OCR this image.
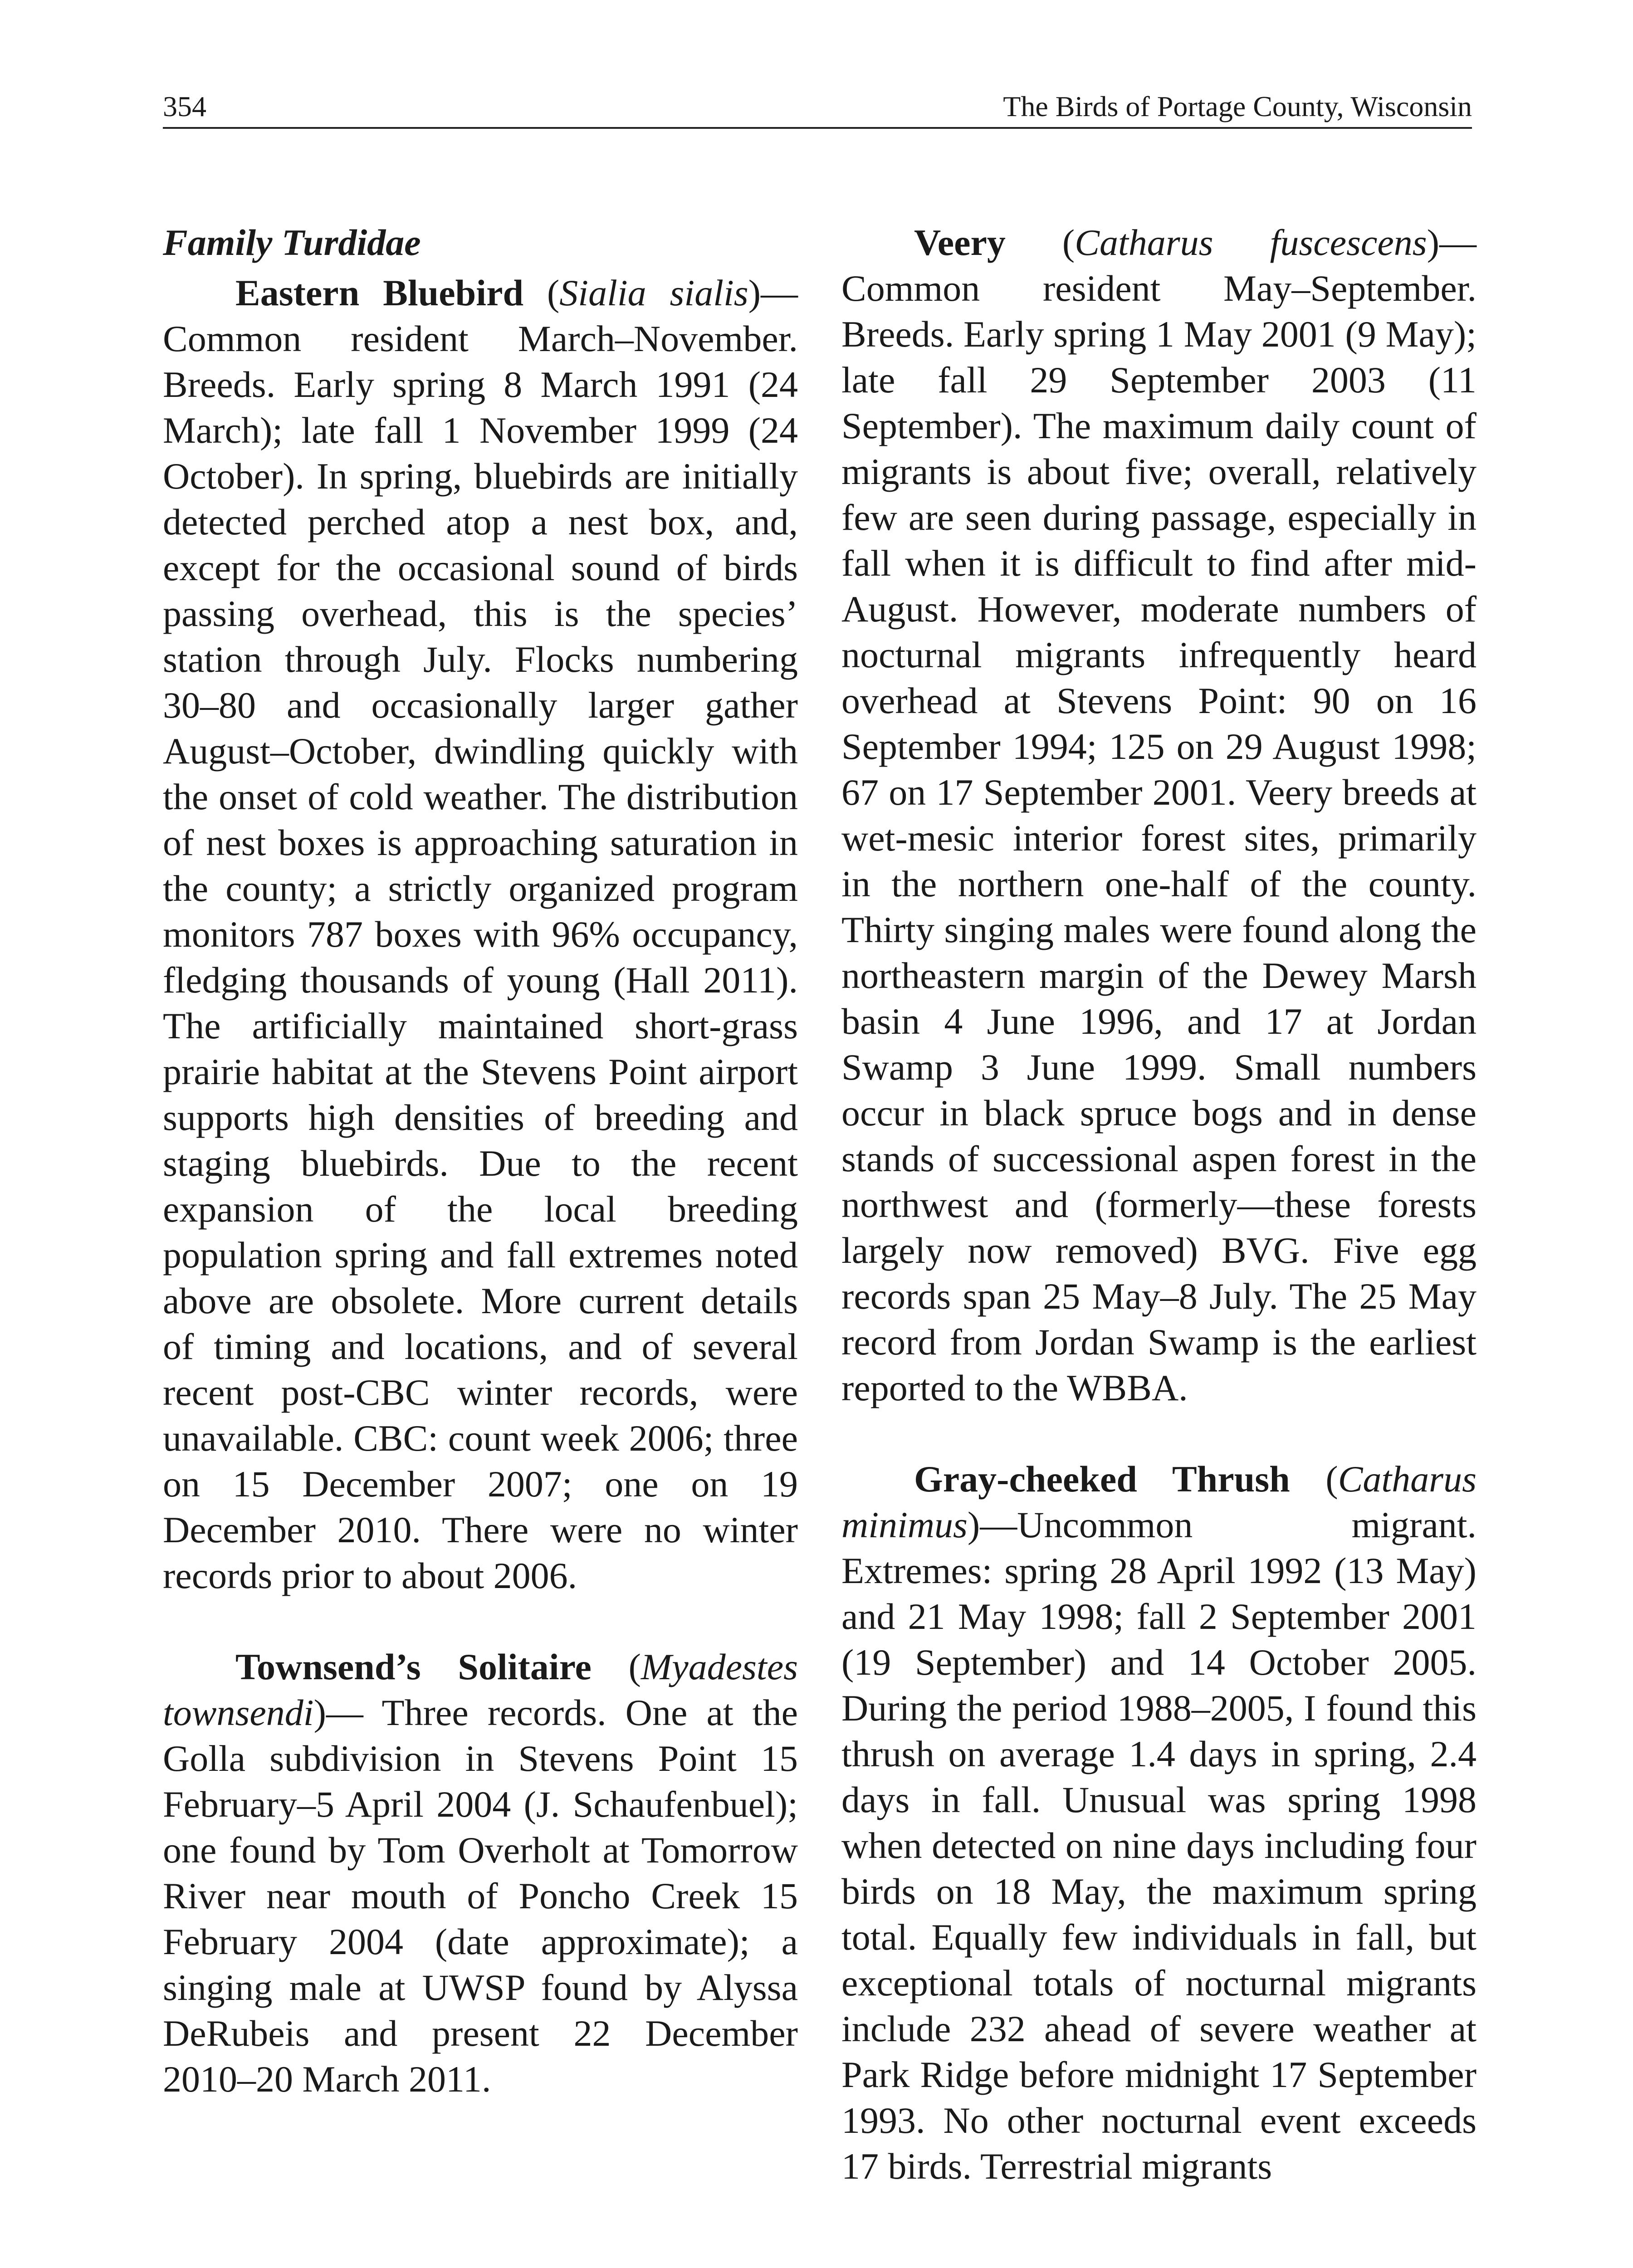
354	The Birds of Portage County, Wisconsin

Family Turdidae

Eastern Bluebird (Sialia sialis)— Common resident March–November. Breeds. Early spring 8 March 1991 (24 March); late fall 1 November 1999 (24 October). In spring, bluebirds are initially detected perched atop a nest box, and, except for the occasional sound of birds passing overhead, this is the species’ station through July. Flocks numbering 30–80 and occasionally larger gather August–October, dwindling quickly with the onset of cold weather. The distribution of nest boxes is approaching saturation in the county; a strictly organized program monitors 787 boxes with 96% occupancy, fledging thousands of young (Hall 2011). The artificially maintained short-grass prairie habitat at the Stevens Point airport supports high densities of breeding and staging bluebirds. Due to the recent expansion of the local breeding population spring and fall extremes noted above are obsolete. More current details of timing and locations, and of several recent post-CBC winter records, were unavailable. CBC: count week 2006; three on 15 December 2007; one on 19 December 2010. There were no winter records prior to about 2006.

Townsend’s Solitaire (Myadestes townsendi)— Three records. One at the Golla subdivision in Stevens Point 15 February–5 April 2004 (J. Schaufenbuel); one found by Tom Overholt at Tomorrow River near mouth of Poncho Creek 15 February 2004 (date approximate); a singing male at UWSP found by Alyssa DeRubeis and present 22 December 2010–20 March 2011.

Veery (Catharus fuscescens)—Common resident May–September. Breeds. Early spring 1 May 2001 (9 May); late fall 29 September 2003 (11 September). The maximum daily count of migrants is about five; overall, relatively few are seen during passage, especially in fall when it is difficult to find after mid-August. However, moderate numbers of nocturnal migrants infrequently heard overhead at Stevens Point: 90 on 16 September 1994; 125 on 29 August 1998; 67 on 17 September 2001. Veery breeds at wet-mesic interior forest sites, primarily in the northern one-half of the county. Thirty singing males were found along the northeastern margin of the Dewey Marsh basin 4 June 1996, and 17 at Jordan Swamp 3 June 1999. Small numbers occur in black spruce bogs and in dense stands of successional aspen forest in the northwest and (formerly—these forests largely now removed) BVG. Five egg records span 25 May–8 July. The 25 May record from Jordan Swamp is the earliest reported to the WBBA.

Gray-cheeked Thrush (Catharus minimus)—Uncommon migrant. Extremes: spring 28 April 1992 (13 May) and 21 May 1998; fall 2 September 2001 (19 September) and 14 October 2005. During the period 1988–2005, I found this thrush on average 1.4 days in spring, 2.4 days in fall. Unusual was spring 1998 when detected on nine days including four birds on 18 May, the maximum spring total. Equally few individuals in fall, but exceptional totals of nocturnal migrants include 232 ahead of severe weather at Park Ridge before midnight 17 September 1993. No other nocturnal event exceeds 17 birds. Terrestrial migrants
